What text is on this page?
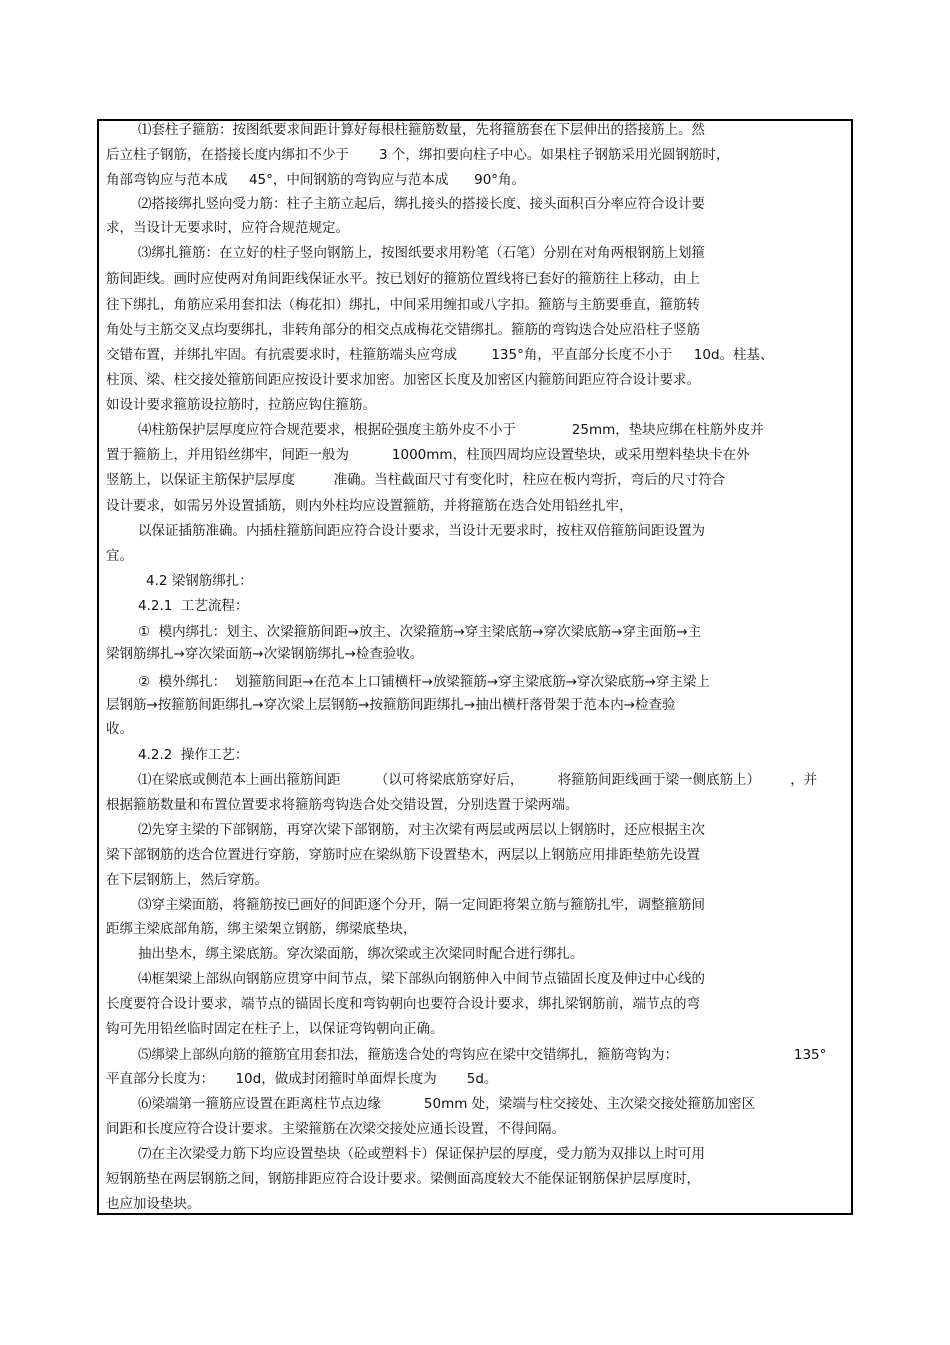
⑴套柱子箍筋：按图纸要求间距计算好每根柱箍筋数量，先将箍筋套在下层伸出的搭接筋上。然
后立柱子钢筋，在搭接长度内绑扣不少于       3 个，绑扣要向柱子中心。如果柱子钢筋采用光圆钢筋时，
角部弯钩应与范本成     45°，中间钢筋的弯钩应与范本成      90°角。
⑵搭接绑扎竖向受力筋：柱子主筋立起后，绑扎接头的搭接长度、接头面积百分率应符合设计要
求，当设计无要求时，应符合规范规定。
⑶绑扎箍筋：在立好的柱子竖向钢筋上，按图纸要求用粉笔（石笔）分别在对角两根钢筋上划箍
筋间距线。画时应使两对角间距线保证水平。按已划好的箍筋位置线将已套好的箍筋往上移动，由上
往下绑扎，角筋应采用套扣法（梅花扣）绑扎，中间采用缠扣或八字扣。箍筋与主筋要垂直，箍筋转
角处与主筋交叉点均要绑扎，非转角部分的相交点成梅花交错绑扎。箍筋的弯钩迭合处应沿柱子竖筋
交错布置，并绑扎牢固。有抗震要求时，柱箍筋端头应弯成        135°角，平直部分长度不小于     10d。柱基、
柱顶、梁、柱交接处箍筋间距应按设计要求加密。加密区长度及加密区内箍筋间距应符合设计要求。
如设计要求箍筋设拉筋时，拉筋应钩住箍筋。
⑷柱筋保护层厚度应符合规范要求，根据砼强度主筋外皮不小于             25mm，垫块应绑在柱筋外皮并
置于箍筋上，并用铅丝绑牢，间距一般为          1000mm，柱顶四周均应设置垫块，或采用塑料垫块卡在外
竖筋上，以保证主筋保护层厚度         准确。当柱截面尺寸有变化时，柱应在板内弯折，弯后的尺寸符合
设计要求，如需另外设置插筋，则内外柱均应设置箍筋，并将箍筋在迭合处用铅丝扎牢，
以保证插筋准确。内插柱箍筋间距应符合设计要求，当设计无要求时，按柱双倍箍筋间距设置为
宜。
4.2 梁钢筋绑扎：
4.2.1  工艺流程：
①  模内绑扎：划主、次梁箍筋间距→放主、次梁箍筋→穿主梁底筋→穿次梁底筋→穿主面筋→主
梁钢筋绑扎→穿次梁面筋→次梁钢筋绑扎→检查验收。
②  模外绑扎：  划箍筋间距→在范本上口铺横杆→放梁箍筋→穿主梁底筋→穿次梁底筋→穿主梁上
层钢筋→按箍筋间距绑扎→穿次梁上层钢筋→按箍筋间距绑扎→抽出横杆落骨架于范本内→检查验
收。
4.2.2  操作工艺：
⑴在梁底或侧范本上画出箍筋间距        （以可将梁底筋穿好后，        将箍筋间距线画于梁一侧底筋上）       ，并
根据箍筋数量和布置位置要求将箍筋弯钩迭合处交错设置，分别迭置于梁两端。
⑵先穿主梁的下部钢筋，再穿次梁下部钢筋，对主次梁有两层或两层以上钢筋时，还应根据主次
梁下部钢筋的迭合位置进行穿筋，穿筋时应在梁纵筋下设置垫木，两层以上钢筋应用排距垫筋先设置
在下层钢筋上，然后穿筋。
⑶穿主梁面筋，将箍筋按已画好的间距逐个分开，隔一定间距将架立筋与箍筋扎牢，调整箍筋间
距绑主梁底部角筋，绑主梁架立钢筋，绑梁底垫块，
抽出垫木，绑主梁底筋。穿次梁面筋，绑次梁或主次梁同时配合进行绑扎。
⑷框架梁上部纵向钢筋应贯穿中间节点，梁下部纵向钢筋伸入中间节点锚固长度及伸过中心线的
长度要符合设计要求，端节点的锚固长度和弯钩朝向也要符合设计要求，绑扎梁钢筋前，端节点的弯
钩可先用铅丝临时固定在柱子上，以保证弯钩朝向正确。
⑸绑梁上部纵向筋的箍筋宜用套扣法，箍筋迭合处的弯钩应在梁中交错绑扎，箍筋弯钩为：                           135°
平直部分长度为：     10d，做成封闭箍时单面焊长度为       5d。
⑹梁端第一箍筋应设置在距离柱节点边缘          50mm 处，梁端与柱交接处、主次梁交接处箍筋加密区
间距和长度应符合设计要求。主梁箍筋在次梁交接处应通长设置，不得间隔。
⑺在主次梁受力筋下均应设置垫块（砼或塑料卡）保证保护层的厚度，受力筋为双排以上时可用
短钢筋垫在两层钢筋之间，钢筋排距应符合设计要求。梁侧面高度较大不能保证钢筋保护层厚度时，
也应加设垫块。
